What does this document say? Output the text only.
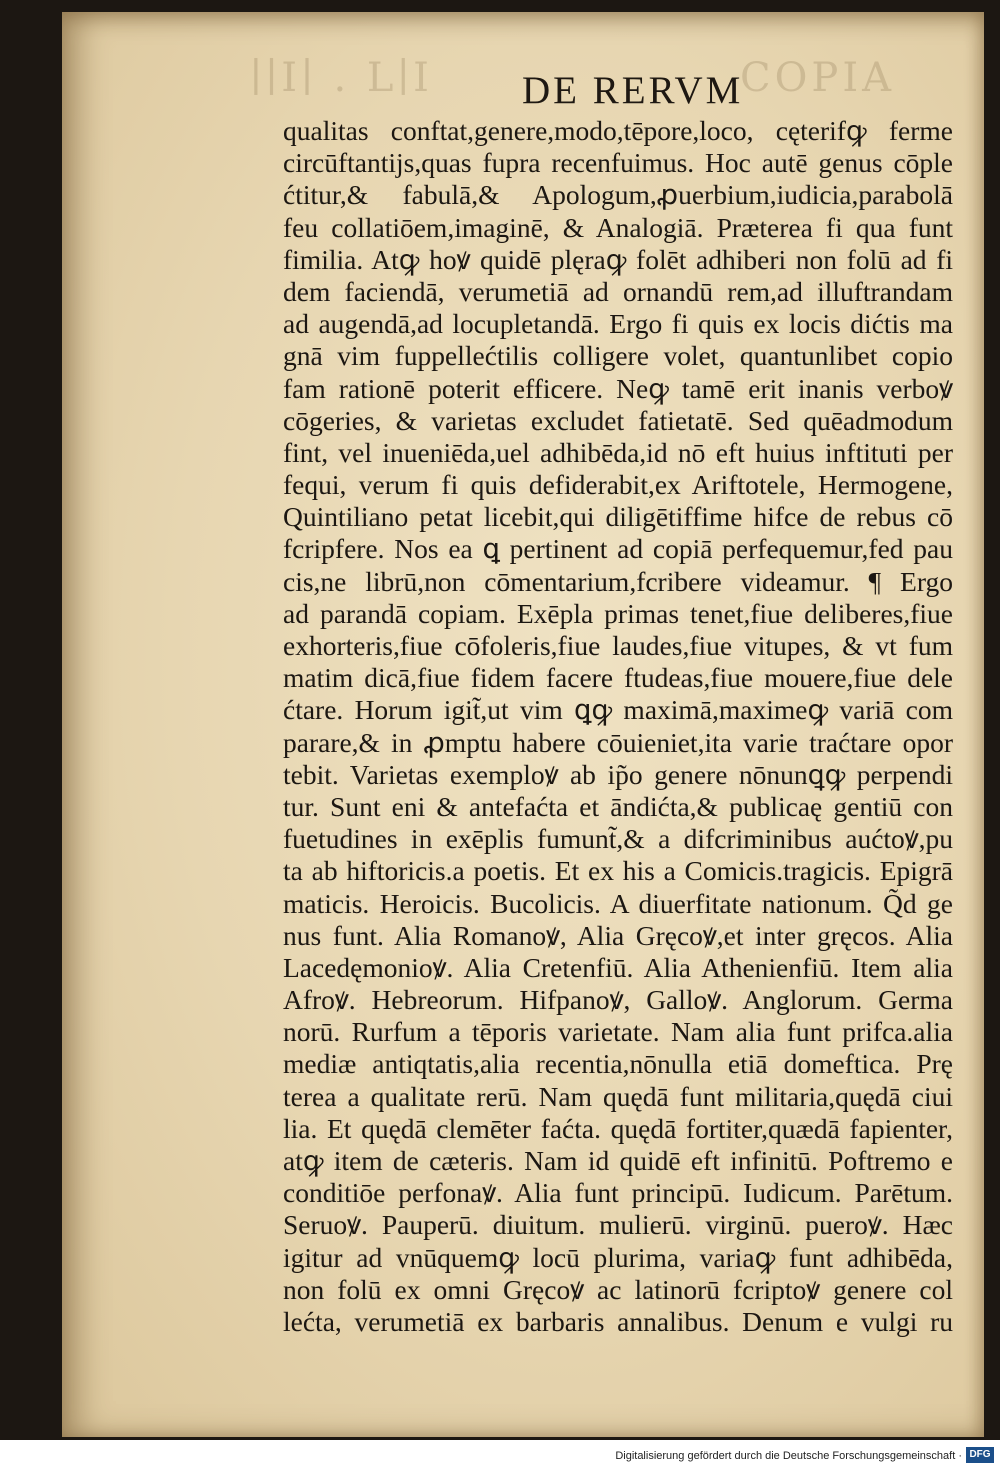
∣∣I∣ . L∣I	COPIA
DE RERVM
qualitas conftat,genere,modo,tēpore,loco, cęterifꝙ ferme
circūftantijs,quas fupra recenfuimus. Hoc autē genus cōple
ćtitur,& fabulā,& Apologum,ꝓuerbium,iudicia,parabolā
feu collatiōem,imaginē, & Analogiā. Præterea fi qua funt
fimilia. Atꝙ hoꝟ quidē plęraꝙ folēt adhiberi non folū ad fi
dem faciendā, verumetiā ad ornandū rem,ad illuftrandam
ad augendā,ad locupletandā. Ergo fi quis ex locis dićtis ma
gnā vim fuppellećtilis colligere volet, quantunlibet copio
fam rationē poterit efficere. Neꝙ tamē erit inanis verboꝟ
cōgeries, & varietas excludet fatietatē. Sed quēadmodum
fint, vel inueniēda,uel adhibēda,id nō eft huius inftituti per
fequi, verum fi quis defiderabit,ex Ariftotele, Hermogene,
Quintiliano petat licebit,qui diligētiffime hifce de rebus cō
fcripfere. Nos ea ꝗ pertinent ad copiā perfequemur,fed pau
cis,ne librū,non cōmentarium,fcribere videamur. ¶ Ergo
ad parandā copiam. Exēpla primas tenet,fiue deliberes,fiue
exhorteris,fiue cōfoleris,fiue laudes,fiue vitupes, & vt fum
matim dicā,fiue fidem facere ftudeas,fiue mouere,fiue dele
ćtare. Horum igit̃,ut vim ꝗꝙ maximā,maximeꝙ variā com
parare,& in ꝓmptu habere cōuieniet,ita varie traćtare opor
tebit. Varietas exemploꝟ ab ip̃o genere nōnunꝗꝙ perpendi
tur. Sunt eni & antefaćta et āndićta,& publicaę gentiū con
fuetudines in exēplis fumunt̃,& a difcriminibus aućtoꝟ,pu
ta ab hiftoricis.a poetis. Et ex his a Comicis.tragicis. Epigrā
maticis. Heroicis. Bucolicis. A diuerfitate nationum. Q̃d ge
nus funt. Alia Romanoꝟ, Alia Gręcoꝟ,et inter gręcos. Alia
Lacedęmonioꝟ. Alia Cretenfiū. Alia Athenienfiū. Item alia
Afroꝟ. Hebreorum. Hifpanoꝟ, Galloꝟ. Anglorum. Germa
norū. Rurfum a tēporis varietate. Nam alia funt prifca.alia
mediæ antiqtatis,alia recentia,nōnulla etiā domeftica. Prę
terea a qualitate rerū. Nam quędā funt militaria,quędā ciui
lia. Et quędā clemēter faćta. quędā fortiter,quædā fapienter,
atꝙ item de cæteris. Nam id quidē eft infinitū. Poftremo e
conditiōe perfonaꝟ. Alia funt principū. Iudicum. Parētum.
Seruoꝟ. Pauperū. diuitum. mulierū. virginū. pueroꝟ. Hæc
igitur ad vnūquemꝙ locū plurima, variaꝙ funt adhibēda,
non folū ex omni Gręcoꝟ ac latinorū fcriptoꝟ genere col
lećta, verumetiā ex barbaris annalibus. Denum e vulgi ru
Digitalisierung gefördert durch die Deutsche Forschungsgemeinschaft · DFG
